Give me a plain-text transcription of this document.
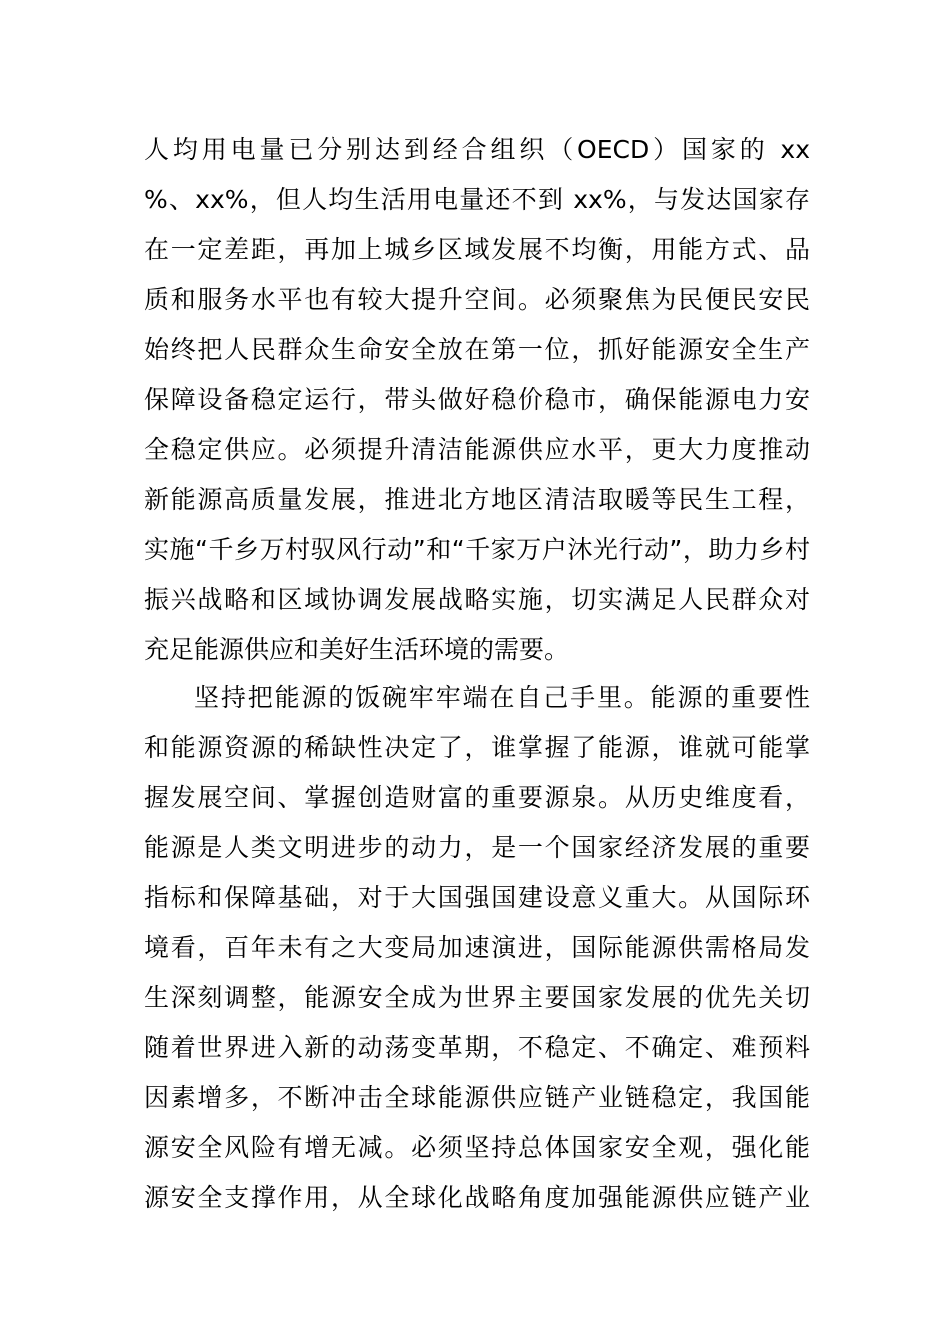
人均用电量已分别达到经合组织（OECD）国家的 xx
%、xx%，但人均生活用电量还不到 xx%，与发达国家存
在一定差距，再加上城乡区域发展不均衡，用能方式、品
质和服务水平也有较大提升空间。必须聚焦为民便民安民
始终把人民群众生命安全放在第一位，抓好能源安全生产
保障设备稳定运行，带头做好稳价稳市，确保能源电力安
全稳定供应。必须提升清洁能源供应水平，更大力度推动
新能源高质量发展，推进北方地区清洁取暖等民生工程，
实施“千乡万村驭风行动”和“千家万户沐光行动”，助力乡村
振兴战略和区域协调发展战略实施，切实满足人民群众对
充足能源供应和美好生活环境的需要。
坚持把能源的饭碗牢牢端在自己手里。能源的重要性
和能源资源的稀缺性决定了，谁掌握了能源，谁就可能掌
握发展空间、掌握创造财富的重要源泉。从历史维度看，
能源是人类文明进步的动力，是一个国家经济发展的重要
指标和保障基础，对于大国强国建设意义重大。从国际环
境看，百年未有之大变局加速演进，国际能源供需格局发
生深刻调整，能源安全成为世界主要国家发展的优先关切
随着世界进入新的动荡变革期，不稳定、不确定、难预料
因素增多，不断冲击全球能源供应链产业链稳定，我国能
源安全风险有增无减。必须坚持总体国家安全观，强化能
源安全支撑作用，从全球化战略角度加强能源供应链产业
